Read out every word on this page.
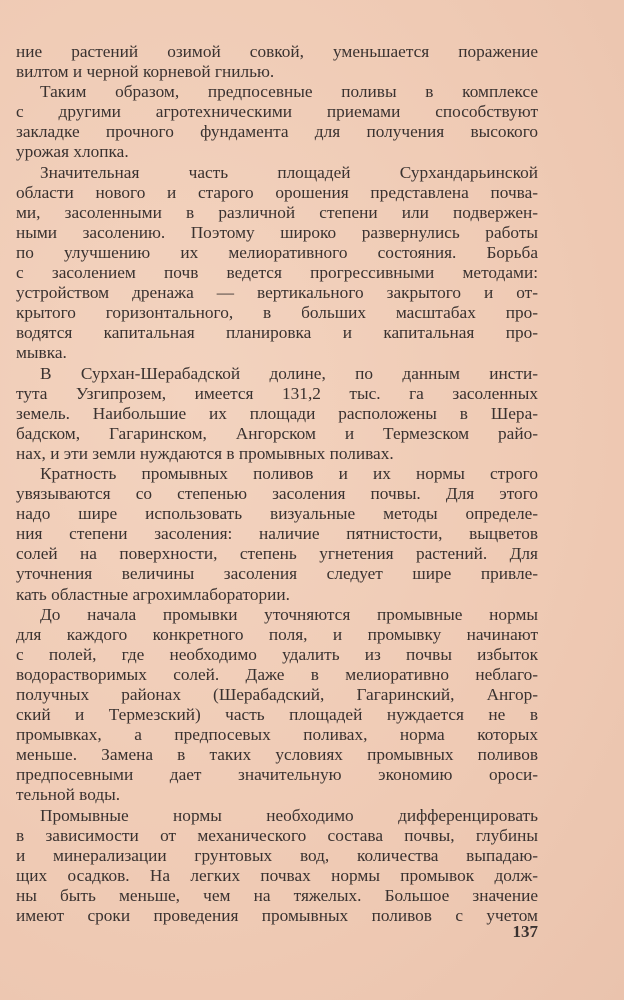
ние растений озимой совкой, уменьшается поражение
вилтом и черной корневой гнилью.
Таким образом, предпосевные поливы в комплексе
с другими агротехническими приемами способствуют
закладке прочного фундамента для получения высокого
урожая хлопка.
Значительная часть площадей Сурхандарьинской
области нового и старого орошения представлена почва-
ми, засоленными в различной степени или подвержен-
ными засолению. Поэтому широко развернулись работы
по улучшению их мелиоративного состояния. Борьба
с засолением почв ведется прогрессивными методами:
устройством дренажа — вертикального закрытого и от-
крытого горизонтального, в больших масштабах про-
водятся капитальная планировка и капитальная про-
мывка.
В Сурхан-Шерабадской долине, по данным инсти-
тута Узгипрозем, имеется 131,2 тыс. га засоленных
земель. Наибольшие их площади расположены в Шера-
бадском, Гагаринском, Ангорском и Термезском райо-
нах, и эти земли нуждаются в промывных поливах.
Кратность промывных поливов и их нормы строго
увязываются со степенью засоления почвы. Для этого
надо шире использовать визуальные методы определе-
ния степени засоления: наличие пятнистости, выцветов
солей на поверхности, степень угнетения растений. Для
уточнения величины засоления следует шире привле-
кать областные агрохимлаборатории.
До начала промывки уточняются промывные нормы
для каждого конкретного поля, и промывку начинают
с полей, где необходимо удалить из почвы избыток
водорастворимых солей. Даже в мелиоративно неблаго-
получных районах (Шерабадский, Гагаринский, Ангор-
ский и Термезский) часть площадей нуждается не в
промывках, а предпосевых поливах, норма которых
меньше. Замена в таких условиях промывных поливов
предпосевными дает значительную экономию ороси-
тельной воды.
Промывные нормы необходимо дифференцировать
в зависимости от механического состава почвы, глубины
и минерализации грунтовых вод, количества выпадаю-
щих осадков. На легких почвах нормы промывок долж-
ны быть меньше, чем на тяжелых. Большое значение
имеют сроки проведения промывных поливов с учетом
137
